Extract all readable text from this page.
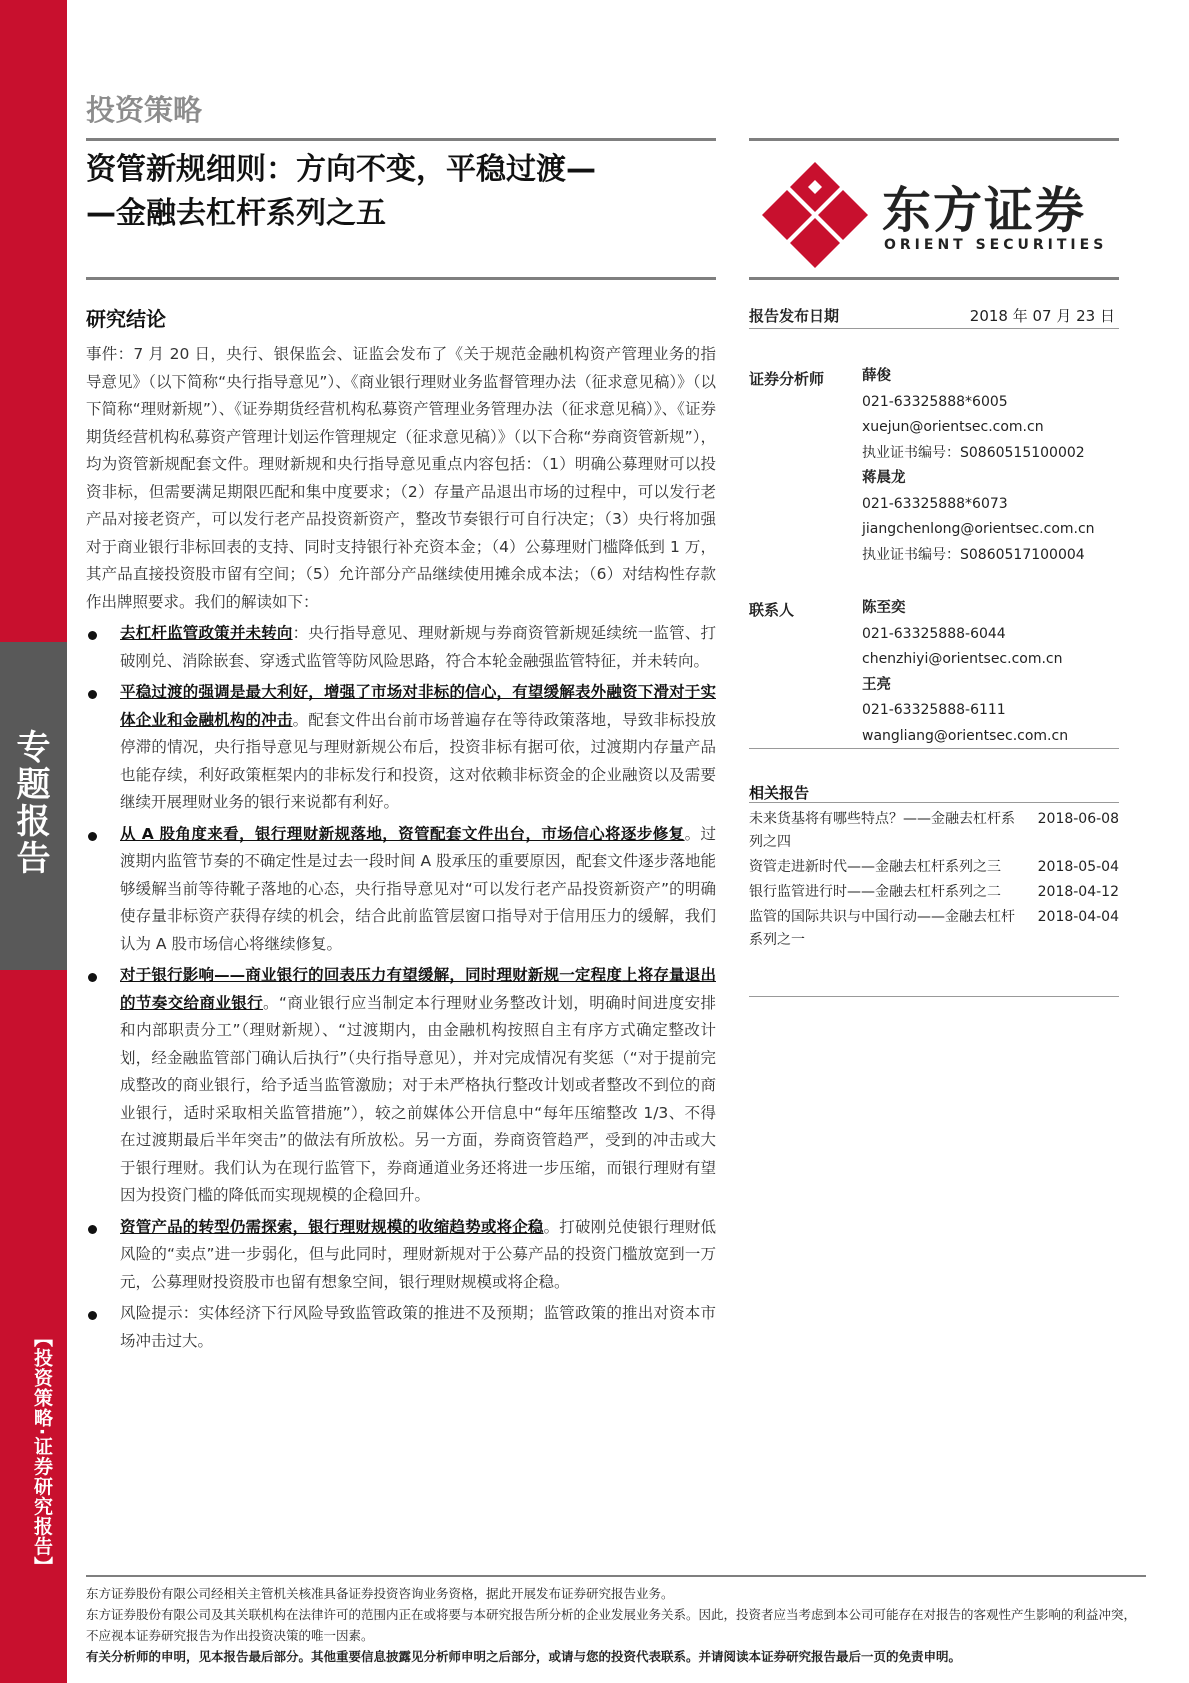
专
题
报
告
【投资策略·证券研究报告】
投资策略
资管新规细则：方向不变，平稳过渡—
—金融去杠杆系列之五	东方证券
ORIENT SECURITIES
研究结论

事件：7 月 20 日，央行、银保监会、证监会发布了《关于规范金融机构资产管理业务的指导意见》（以下简称“央行指导意见”）、《商业银行理财业务监督管理办法（征求意见稿）》（以下简称“理财新规”）、《证券期货经营机构私募资产管理业务管理办法（征求意见稿）》、《证券期货经营机构私募资产管理计划运作管理规定（征求意见稿）》（以下合称“券商资管新规”），均为资管新规配套文件。理财新规和央行指导意见重点内容包括：（1）明确公募理财可以投资非标，但需要满足期限匹配和集中度要求；（2）存量产品退出市场的过程中，可以发行老产品对接老资产，可以发行老产品投资新资产，整改节奏银行可自行决定；（3）央行将加强对于商业银行非标回表的支持、同时支持银行补充资本金；（4）公募理财门槛降低到 1 万，其产品直接投资股市留有空间；（5）允许部分产品继续使用摊余成本法；（6）对结构性存款作出牌照要求。我们的解读如下：

去杠杆监管政策并未转向：央行指导意见、理财新规与券商资管新规延续统一监管、打破刚兑、消除嵌套、穿透式监管等防风险思路，符合本轮金融强监管特征，并未转向。
平稳过渡的强调是最大利好，增强了市场对非标的信心，有望缓解表外融资下滑对于实体企业和金融机构的冲击。配套文件出台前市场普遍存在等待政策落地，导致非标投放停滞的情况，央行指导意见与理财新规公布后，投资非标有据可依，过渡期内存量产品也能存续，利好政策框架内的非标发行和投资，这对依赖非标资金的企业融资以及需要继续开展理财业务的银行来说都有利好。
从 A 股角度来看，银行理财新规落地，资管配套文件出台，市场信心将逐步修复。过渡期内监管节奏的不确定性是过去一段时间 A 股承压的重要原因，配套文件逐步落地能够缓解当前等待靴子落地的心态，央行指导意见对“可以发行老产品投资新资产”的明确使存量非标资产获得存续的机会，结合此前监管层窗口指导对于信用压力的缓解，我们认为 A 股市场信心将继续修复。
对于银行影响——商业银行的回表压力有望缓解，同时理财新规一定程度上将存量退出的节奏交给商业银行。“商业银行应当制定本行理财业务整改计划，明确时间进度安排和内部职责分工”（理财新规）、“过渡期内，由金融机构按照自主有序方式确定整改计划，经金融监管部门确认后执行”（央行指导意见），并对完成情况有奖惩（“对于提前完成整改的商业银行，给予适当监管激励；对于未严格执行整改计划或者整改不到位的商业银行，适时采取相关监管措施”），较之前媒体公开信息中“每年压缩整改 1/3、不得在过渡期最后半年突击”的做法有所放松。另一方面，券商资管趋严，受到的冲击或大于银行理财。我们认为在现行监管下，券商通道业务还将进一步压缩，而银行理财有望因为投资门槛的降低而实现规模的企稳回升。
资管产品的转型仍需探索，银行理财规模的收缩趋势或将企稳。打破刚兑使银行理财低风险的“卖点”进一步弱化，但与此同时，理财新规对于公募产品的投资门槛放宽到一万元，公募理财投资股市也留有想象空间，银行理财规模或将企稳。
风险提示：实体经济下行风险导致监管政策的推进不及预期；监管政策的推出对资本市场冲击过大。
报告发布日期	2018 年 07 月 23 日
证券分析师	薛俊
021-63325888*6005
xuejun@orientsec.com.cn
执业证书编号：S0860515100002
蒋晨龙
021-63325888*6073
jiangchenlong@orientsec.com.cn
执业证书编号：S0860517100004
联系人	陈至奕
021-63325888-6044
chenzhiyi@orientsec.com.cn
王亮
021-63325888-6111
wangliang@orientsec.com.cn
相关报告
未来货基将有哪些特点？——金融去杠杆系列之四
2018-06-08
资管走进新时代——金融去杠杆系列之三	2018-05-04
银行监管进行时——金融去杠杆系列之二	2018-04-12
监管的国际共识与中国行动——金融去杠杆系列之一
2018-04-04
东方证券股份有限公司经相关主管机关核准具备证券投资咨询业务资格，据此开展发布证券研究报告业务。
东方证券股份有限公司及其关联机构在法律许可的范围内正在或将要与本研究报告所分析的企业发展业务关系。因此，投资者应当考虑到本公司可能存在对报告的客观性产生影响的利益冲突，不应视本证券研究报告为作出投资决策的唯一因素。
有关分析师的申明，见本报告最后部分。其他重要信息披露见分析师申明之后部分，或请与您的投资代表联系。并请阅读本证券研究报告最后一页的免责申明。
